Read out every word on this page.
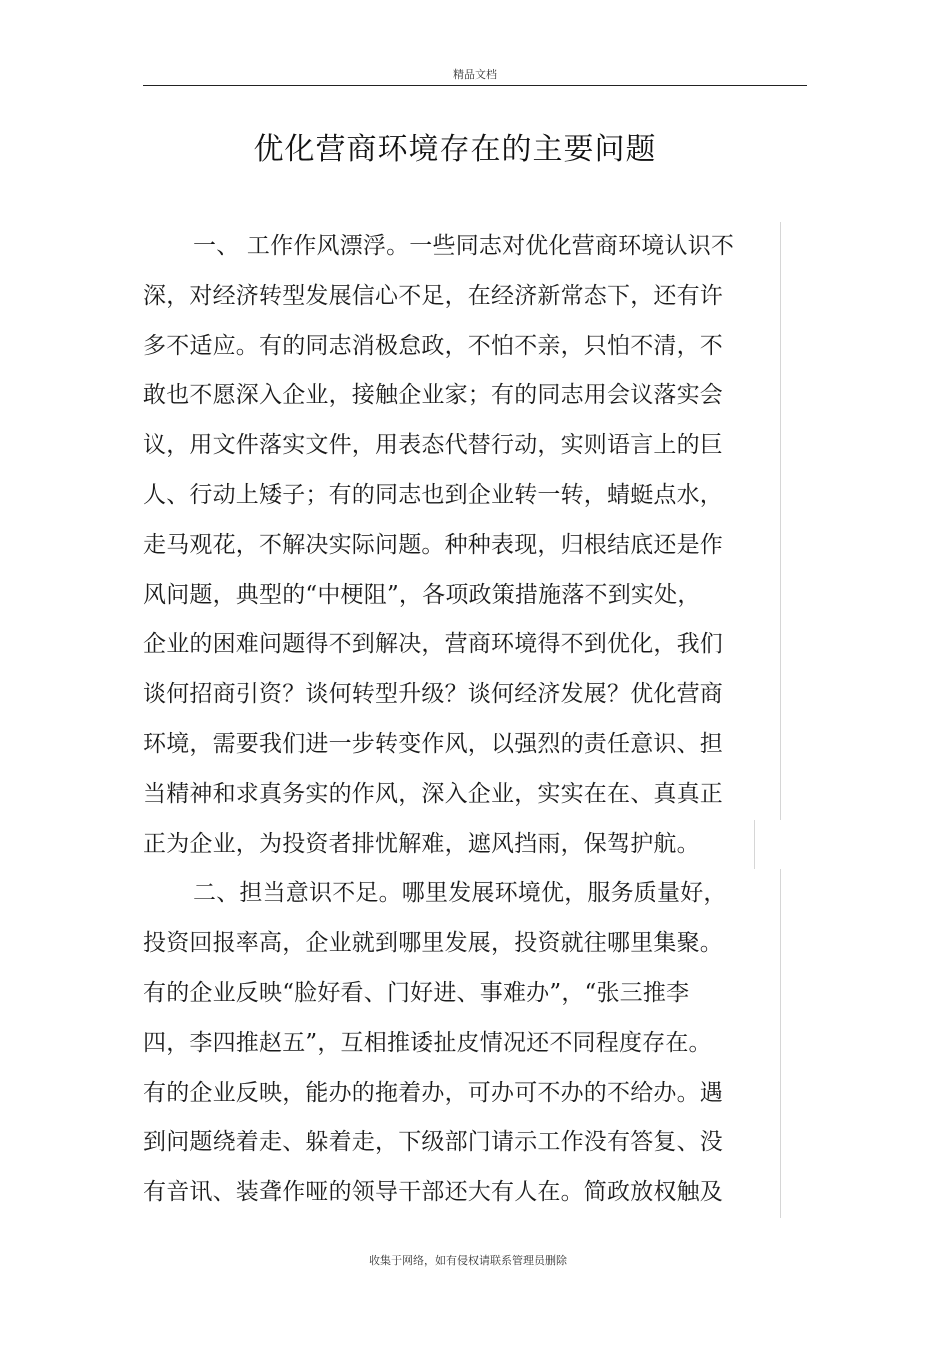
精品文档
优化营商环境存在的主要问题
一、 工作作风漂浮。一些同志对优化营商环境认识不
深，对经济转型发展信心不足，在经济新常态下，还有许
多不适应。有的同志消极怠政，不怕不亲，只怕不清，不
敢也不愿深入企业，接触企业家；有的同志用会议落实会
议，用文件落实文件，用表态代替行动，实则语言上的巨
人、行动上矮子；有的同志也到企业转一转，蜻蜓点水，
走马观花，不解决实际问题。种种表现，归根结底还是作
风问题，典型的“中梗阻”，各项政策措施落不到实处，
企业的困难问题得不到解决，营商环境得不到优化，我们
谈何招商引资？谈何转型升级？谈何经济发展？优化营商
环境，需要我们进一步转变作风，以强烈的责任意识、担
当精神和求真务实的作风，深入企业，实实在在、真真正
正为企业，为投资者排忧解难，遮风挡雨，保驾护航。
二、担当意识不足。哪里发展环境优，服务质量好，
投资回报率高，企业就到哪里发展，投资就往哪里集聚。
有的企业反映“脸好看、门好进、事难办”，“张三推李
四，李四推赵五”，互相推诿扯皮情况还不同程度存在。
有的企业反映，能办的拖着办，可办可不办的不给办。遇
到问题绕着走、躲着走，下级部门请示工作没有答复、没
有音讯、装聋作哑的领导干部还大有人在。简政放权触及
收集于网络，如有侵权请联系管理员删除
